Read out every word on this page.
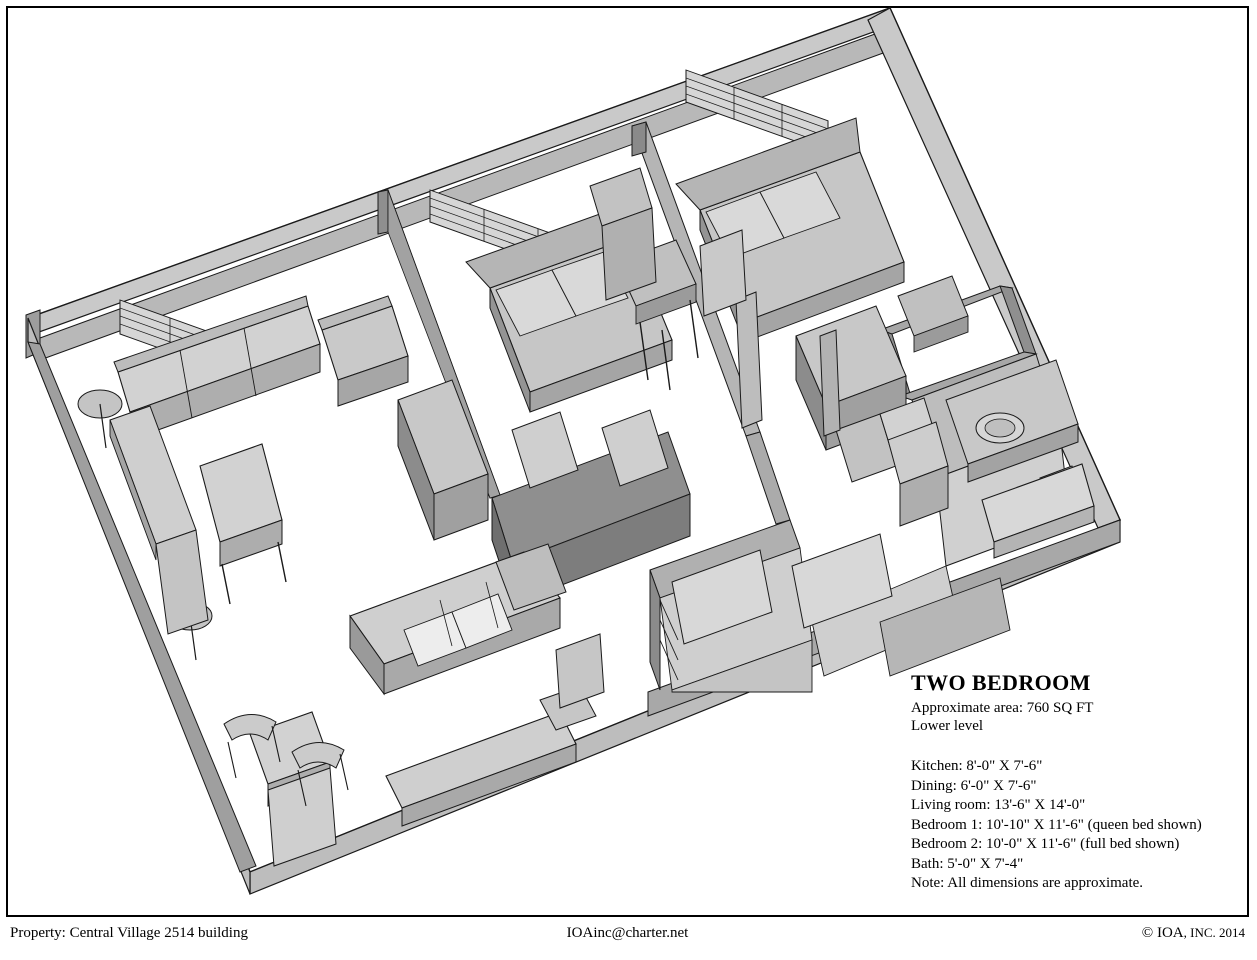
TWO BEDROOM
Approximate area: 760 SQ FT
Lower level
Kitchen: 8'-0" X 7'-6"
Dining: 6'-0" X 7'-6"
Living room: 13'-6" X 14'-0"
Bedroom 1: 10'-10" X 11'-6" (queen bed shown)
Bedroom 2: 10'-0" X 11'-6" (full bed shown)
Bath: 5'-0" X 7'-4"
Note: All dimensions are approximate.
Property: Central Village 2514 building	IOAinc@charter.net	© IOA, INC. 2014
